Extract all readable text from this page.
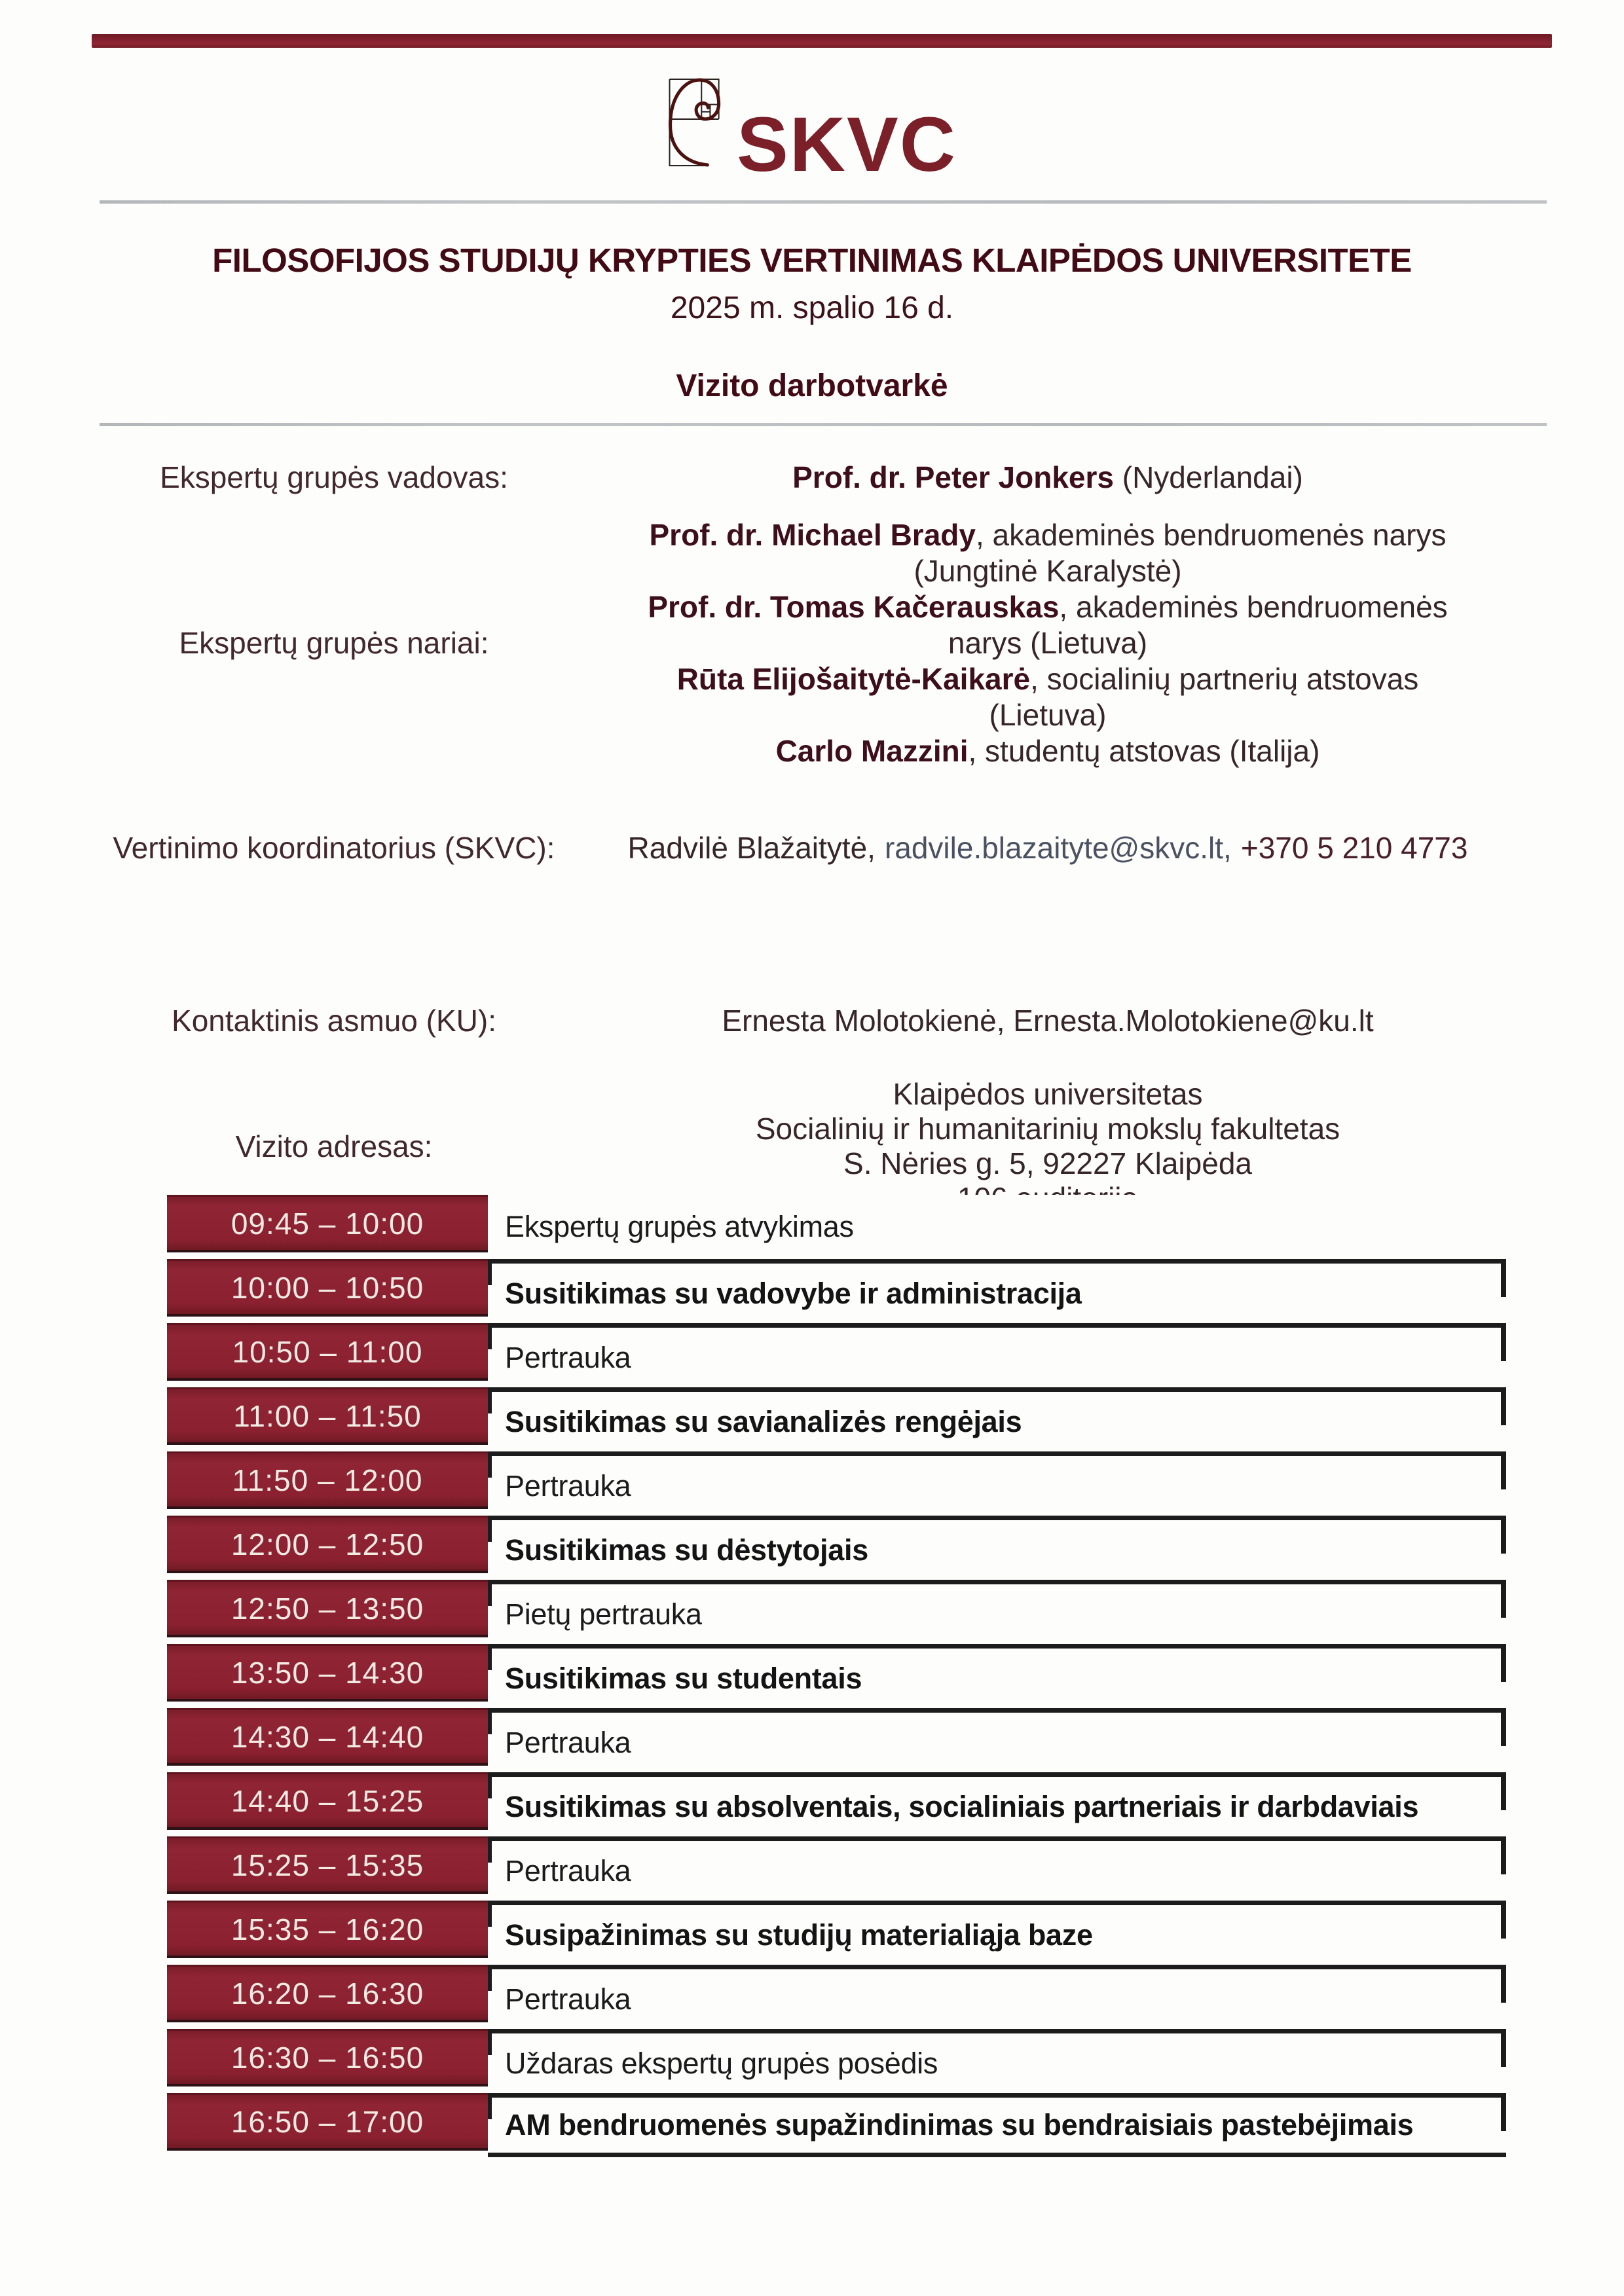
SKVC
FILOSOFIJOS STUDIJŲ KRYPTIES VERTINIMAS KLAIPĖDOS UNIVERSITETE
2025 m. spalio 16 d.
Vizito darbotvarkė
Ekspertų grupės vadovas:	Prof. dr. Peter Jonkers (Nyderlandai)
Ekspertų grupės nariai:
Prof. dr. Michael Brady, akademinės bendruomenės narys
(Jungtinė Karalystė)
Prof. dr. Tomas Kačerauskas, akademinės bendruomenės
narys (Lietuva)
Rūta Elijošaitytė-Kaikarė, socialinių partnerių atstovas
(Lietuva)
Carlo Mazzini, studentų atstovas (Italija)
Vertinimo koordinatorius (SKVC):	Radvilė Blažaitytė, radvile.blazaityte@skvc.lt, +370 5 210 4773
Kontaktinis asmuo (KU):	Ernesta Molotokienė, Ernesta.Molotokiene@ku.lt
Vizito adresas:
Klaipėdos universitetas
Socialinių ir humanitarinių mokslų fakultetas
S. Nėries g. 5, 92227 Klaipėda
09:45 – 10:00	Ekspertų grupės atvykimas
10:00 – 10:50	Susitikimas su vadovybe ir administracija
10:50 – 11:00	Pertrauka
11:00 – 11:50	Susitikimas su savianalizės rengėjais
11:50 – 12:00	Pertrauka
12:00 – 12:50	Susitikimas su dėstytojais
12:50 – 13:50	Pietų pertrauka
13:50 – 14:30	Susitikimas su studentais
14:30 – 14:40	Pertrauka
14:40 – 15:25	Susitikimas su absolventais, socialiniais partneriais ir darbdaviais
15:25 – 15:35	Pertrauka
15:35 – 16:20	Susipažinimas su studijų materialiąja baze
16:20 – 16:30	Pertrauka
16:30 – 16:50	Uždaras ekspertų grupės posėdis
16:50 – 17:00	AM bendruomenės supažindinimas su bendraisiais pastebėjimais
